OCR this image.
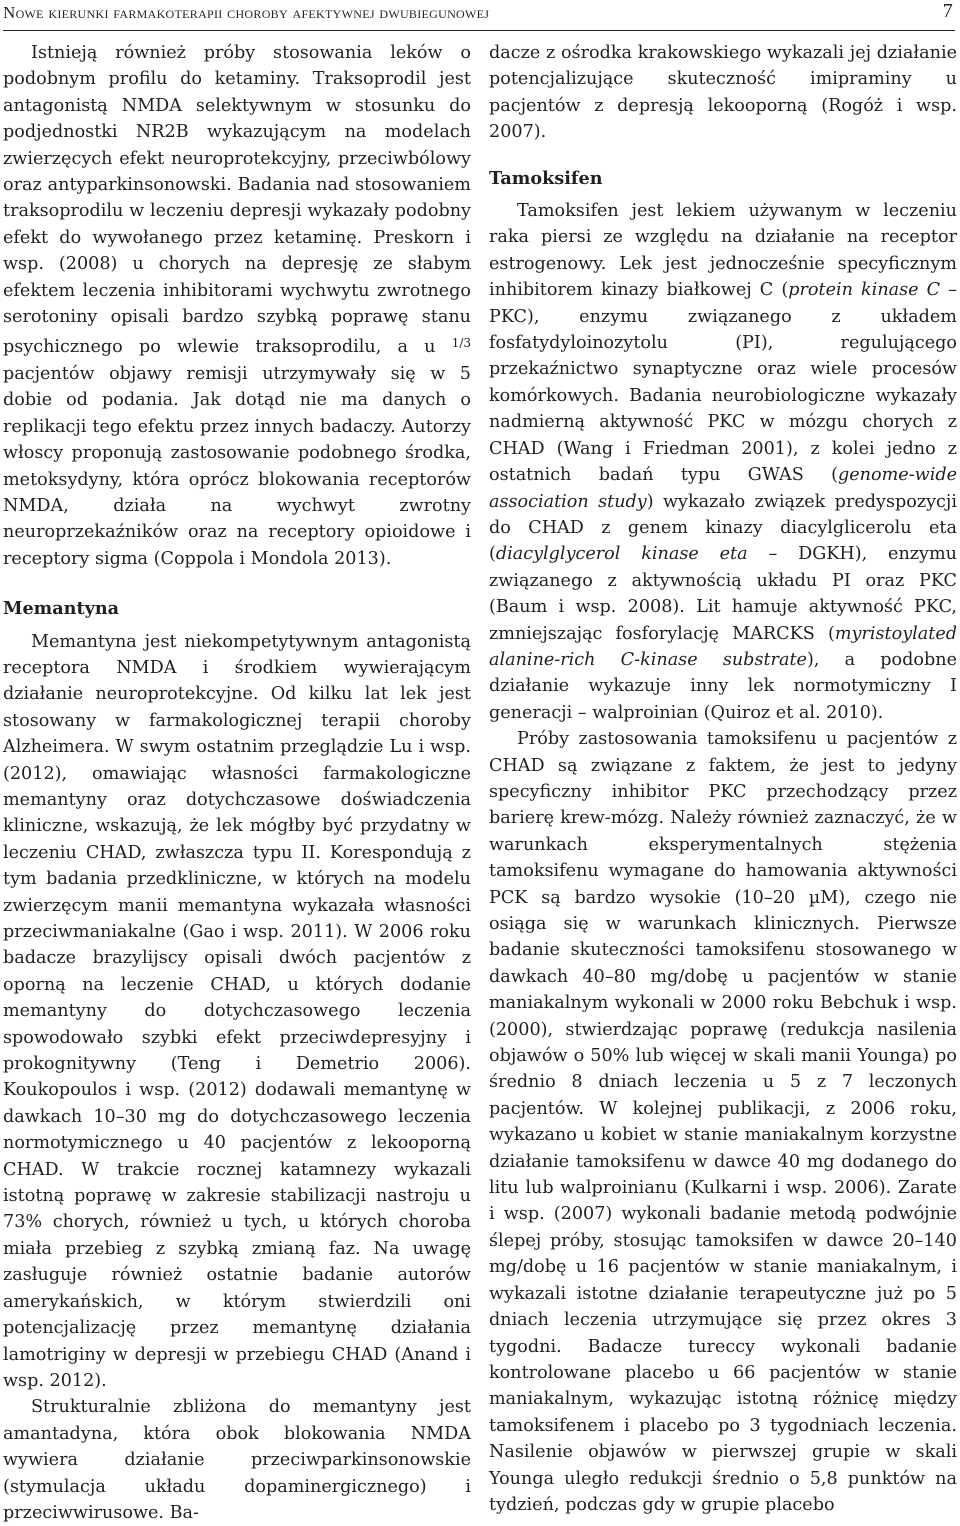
Nowe kierunki farmakoterapii choroby afektywnej dwubiegunowej	7

Istnieją również próby stosowania leków o podobnym profilu do ketaminy. Traksoprodil jest antagonistą NMDA selektywnym w stosunku do podjednostki NR2B wykazującym na modelach zwierzęcych efekt neuroprotekcyjny, przeciwbólowy oraz antyparkinsonowski. Badania nad stosowaniem traksoprodilu w leczeniu depresji wykazały podobny efekt do wywołanego przez ketaminę. Preskorn i wsp. (2008) u chorych na depresję ze słabym efektem leczenia inhibitorami wychwytu zwrotnego serotoniny opisali bardzo szybką poprawę stanu psychicznego po wlewie traksoprodilu, a u $^{1/3}$ pacjentów objawy remisji utrzymywały się w 5 dobie od podania. Jak dotąd nie ma danych o replikacji tego efektu przez innych badaczy. Autorzy włoscy proponują zastosowanie podobnego środka, metoksydyny, która oprócz blokowania receptorów NMDA, działa na wychwyt zwrotny neuroprzekaźników oraz na receptory opioidowe i receptory sigma (Coppola i Mondola 2013).

Memantyna

Memantyna jest niekompetytywnym antagonistą receptora NMDA i środkiem wywierającym działanie neuroprotekcyjne. Od kilku lat lek jest stosowany w farmakologicznej terapii choroby Alzheimera. W swym ostatnim przeglądzie Lu i wsp. (2012), omawiając własności farmakologiczne memantyny oraz dotychczasowe doświadczenia kliniczne, wskazują, że lek mógłby być przydatny w leczeniu CHAD, zwłaszcza typu II. Korespondują z tym badania przedkliniczne, w których na modelu zwierzęcym manii memantyna wykazała własności przeciwmaniakalne (Gao i wsp. 2011). W 2006 roku badacze brazylijscy opisali dwóch pacjentów z oporną na leczenie CHAD, u których dodanie memantyny do dotychczasowego leczenia spowodowało szybki efekt przeciwdepresyjny i prokognitywny (Teng i Demetrio 2006). Koukopoulos i wsp. (2012) dodawali memantynę w dawkach 10–30 mg do dotychczasowego leczenia normotymicznego u 40 pacjentów z lekooporną CHAD. W trakcie rocznej katamnezy wykazali istotną poprawę w zakresie stabilizacji nastroju u 73% chorych, również u tych, u których choroba miała przebieg z szybką zmianą faz. Na uwagę zasługuje również ostatnie badanie autorów amerykańskich, w którym stwierdzili oni potencjalizację przez memantynę działania lamotriginy w depresji w przebiegu CHAD (Anand i wsp. 2012).

Strukturalnie zbliżona do memantyny jest amantadyna, która obok blokowania NMDA wywiera działanie przeciwparkinsonowskie (stymulacja układu dopaminergicznego) i przeciwwirusowe. Ba-

dacze z ośrodka krakowskiego wykazali jej działanie potencjalizujące skuteczność imipraminy u pacjentów z depresją lekooporną (Rogóż i wsp. 2007).

Tamoksifen

Tamoksifen jest lekiem używanym w leczeniu raka piersi ze względu na działanie na receptor estrogenowy. Lek jest jednocześnie specyficznym inhibitorem kinazy białkowej C (protein kinase C – PKC), enzymu związanego z układem fosfatydyloinozytolu (PI), regulującego przekaźnictwo synaptyczne oraz wiele procesów komórkowych. Badania neurobiologiczne wykazały nadmierną aktywność PKC w mózgu chorych z CHAD (Wang i Friedman 2001), z kolei jedno z ostatnich badań typu GWAS (genome-wide association study) wykazało związek predyspozycji do CHAD z genem kinazy diacylglicerolu eta (diacylglycerol kinase eta – DGKH), enzymu związanego z aktywnością układu PI oraz PKC (Baum i wsp. 2008). Lit hamuje aktywność PKC, zmniejszając fosforylację MARCKS (myristoylated alanine-rich C-kinase substrate), a podobne działanie wykazuje inny lek normotymiczny I generacji – walproinian (Quiroz et al. 2010).

Próby zastosowania tamoksifenu u pacjentów z CHAD są związane z faktem, że jest to jedyny specyficzny inhibitor PKC przechodzący przez barierę krew-mózg. Należy również zaznaczyć, że w warunkach eksperymentalnych stężenia tamoksifenu wymagane do hamowania aktywności PCK są bardzo wysokie (10–20 µM), czego nie osiąga się w warunkach klinicznych. Pierwsze badanie skuteczności tamoksifenu stosowanego w dawkach 40–80 mg/dobę u pacjentów w stanie maniakalnym wykonali w 2000 roku Bebchuk i wsp. (2000), stwierdzając poprawę (redukcja nasilenia objawów o 50% lub więcej w skali manii Younga) po średnio 8 dniach leczenia u 5 z 7 leczonych pacjentów. W kolejnej publikacji, z 2006 roku, wykazano u kobiet w stanie maniakalnym korzystne działanie tamoksifenu w dawce 40 mg dodanego do litu lub walproinianu (Kulkarni i wsp. 2006). Zarate i wsp. (2007) wykonali badanie metodą podwójnie ślepej próby, stosując tamoksifen w dawce 20–140 mg/dobę u 16 pacjentów w stanie maniakalnym, i wykazali istotne działanie terapeutyczne już po 5 dniach leczenia utrzymujące się przez okres 3 tygodni. Badacze tureccy wykonali badanie kontrolowane placebo u 66 pacjentów w stanie maniakalnym, wykazując istotną różnicę między tamoksifenem i placebo po 3 tygodniach leczenia. Nasilenie objawów w pierwszej grupie w skali Younga uległo redukcji średnio o 5,8 punktów na tydzień, podczas gdy w grupie placebo
